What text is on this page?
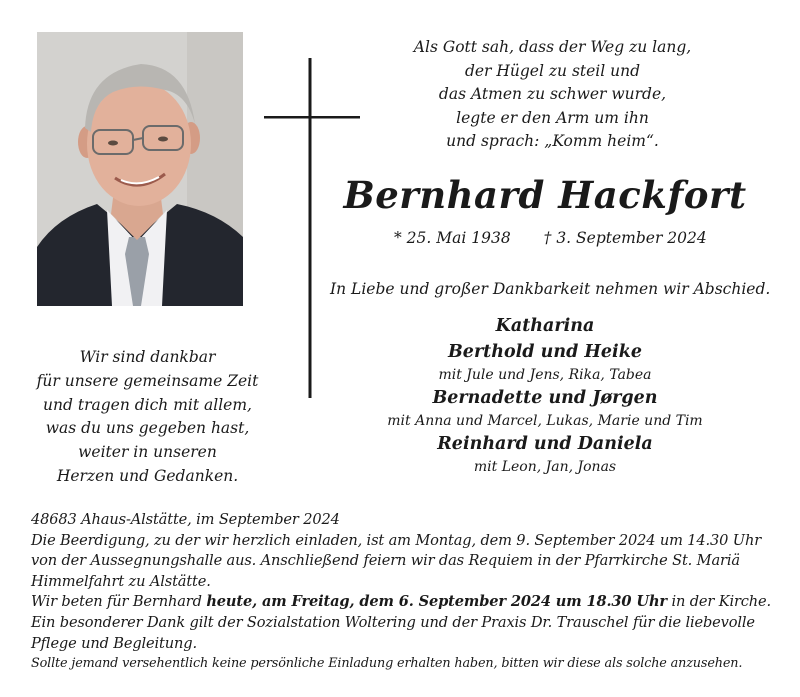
Als Gott sah, dass der Weg zu lang,
der Hügel zu steil und
das Atmen zu schwer wurde,
legte er den Arm um ihn
und sprach: „Komm heim“.
Bernhard Hackfort
* 25. Mai 1938 † 3. September 2024
In Liebe und großer Dankbarkeit nehmen wir Abschied.
Katharina
Berthold und Heike
mit Jule und Jens, Rika, Tabea
Bernadette und Jørgen
mit Anna und Marcel, Lukas, Marie und Tim
Reinhard und Daniela
mit Leon, Jan, Jonas
Wir sind dankbar
für unsere gemeinsame Zeit
und tragen dich mit allem,
was du uns gegeben hast,
weiter in unseren
Herzen und Gedanken.
48683 Ahaus-Alstätte, im September 2024
Die Beerdigung, zu der wir herzlich einladen, ist am Montag, dem 9. September 2024 um 14.30 Uhr
von der Aussegnungshalle aus. Anschließend feiern wir das Requiem in der Pfarrkirche St. Mariä
Himmelfahrt zu Alstätte.
Wir beten für Bernhard heute, am Freitag, dem 6. September 2024 um 18.30 Uhr in der Kirche.
Ein besonderer Dank gilt der Sozialstation Woltering und der Praxis Dr. Trauschel für die liebevolle
Pflege und Begleitung.
Sollte jemand versehentlich keine persönliche Einladung erhalten haben, bitten wir diese als solche anzusehen.
